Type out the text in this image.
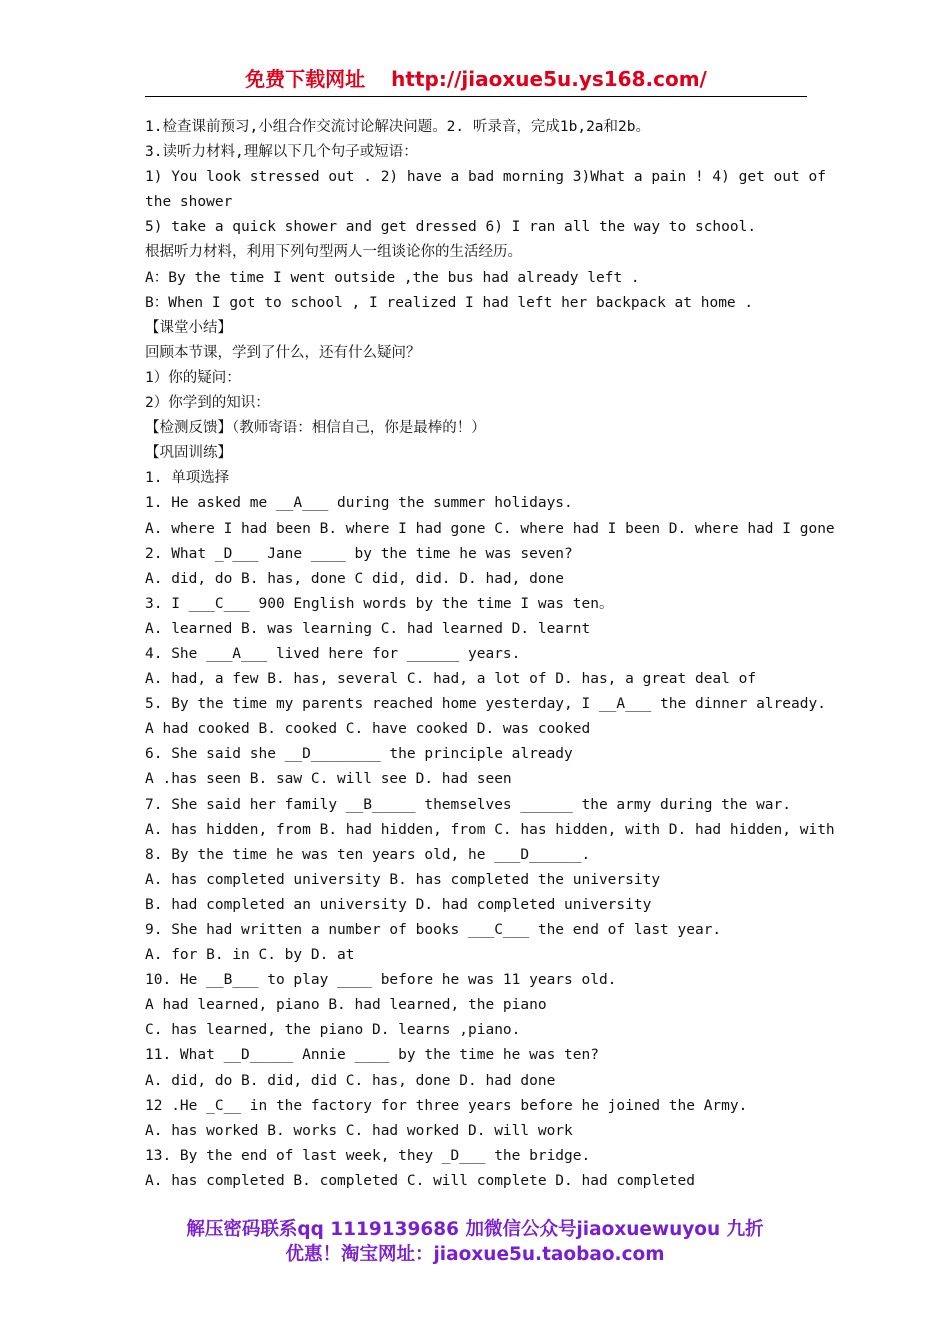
免费下载网址 http://jiaoxue5u.ys168.com/
1.检查课前预习,小组合作交流讨论解决问题。2. 听录音，完成1b,2a和2b。
3.读听力材料,理解以下几个句子或短语：
1) You look stressed out . 2) have a bad morning 3)What a pain ! 4) get out of
the shower
5) take a quick shower and get dressed 6) I ran all the way to school.
根据听力材料，利用下列句型两人一组谈论你的生活经历。
A：By the time I went outside ,the bus had already left .
B：When I got to school , I realized I had left her backpack at home .
【课堂小结】
回顾本节课，学到了什么，还有什么疑问？
1）你的疑问：
2）你学到的知识：
【检测反馈】（教师寄语：相信自己，你是最棒的！）
【巩固训练】
1. 单项选择
1. He asked me __A___ during the summer holidays.
A. where I had been B. where I had gone C. where had I been D. where had I gone
2. What _D___ Jane ____ by the time he was seven?
A. did, do B. has, done C did, did. D. had, done
3. I ___C___ 900 English words by the time I was ten。
A. learned B. was learning C. had learned D. learnt
4. She ___A___ lived here for ______ years.
A. had, a few B. has, several C. had, a lot of D. has, a great deal of
5. By the time my parents reached home yesterday, I __A___ the dinner already.
A had cooked B. cooked C. have cooked D. was cooked
6. She said she __D________ the principle already
A .has seen B. saw C. will see D. had seen
7. She said her family __B_____ themselves ______ the army during the war.
A. has hidden, from B. had hidden, from C. has hidden, with D. had hidden, with
8. By the time he was ten years old, he ___D______.
A. has completed university B. has completed the university
B. had completed an university D. had completed university
9. She had written a number of books ___C___ the end of last year.
A. for B. in C. by D. at
10. He __B___ to play ____ before he was 11 years old.
A had learned, piano B. had learned, the piano
C. has learned, the piano D. learns ,piano.
11. What __D_____ Annie ____ by the time he was ten?
A. did, do B. did, did C. has, done D. had done
12 .He _C__ in the factory for three years before he joined the Army.
A. has worked B. works C. had worked D. will work
13. By the end of last week, they _D___ the bridge.
A. has completed B. completed C. will complete D. had completed
解压密码联系qq 1119139686 加微信公众号jiaoxuewuyou 九折
优惠！淘宝网址：jiaoxue5u.taobao.com
